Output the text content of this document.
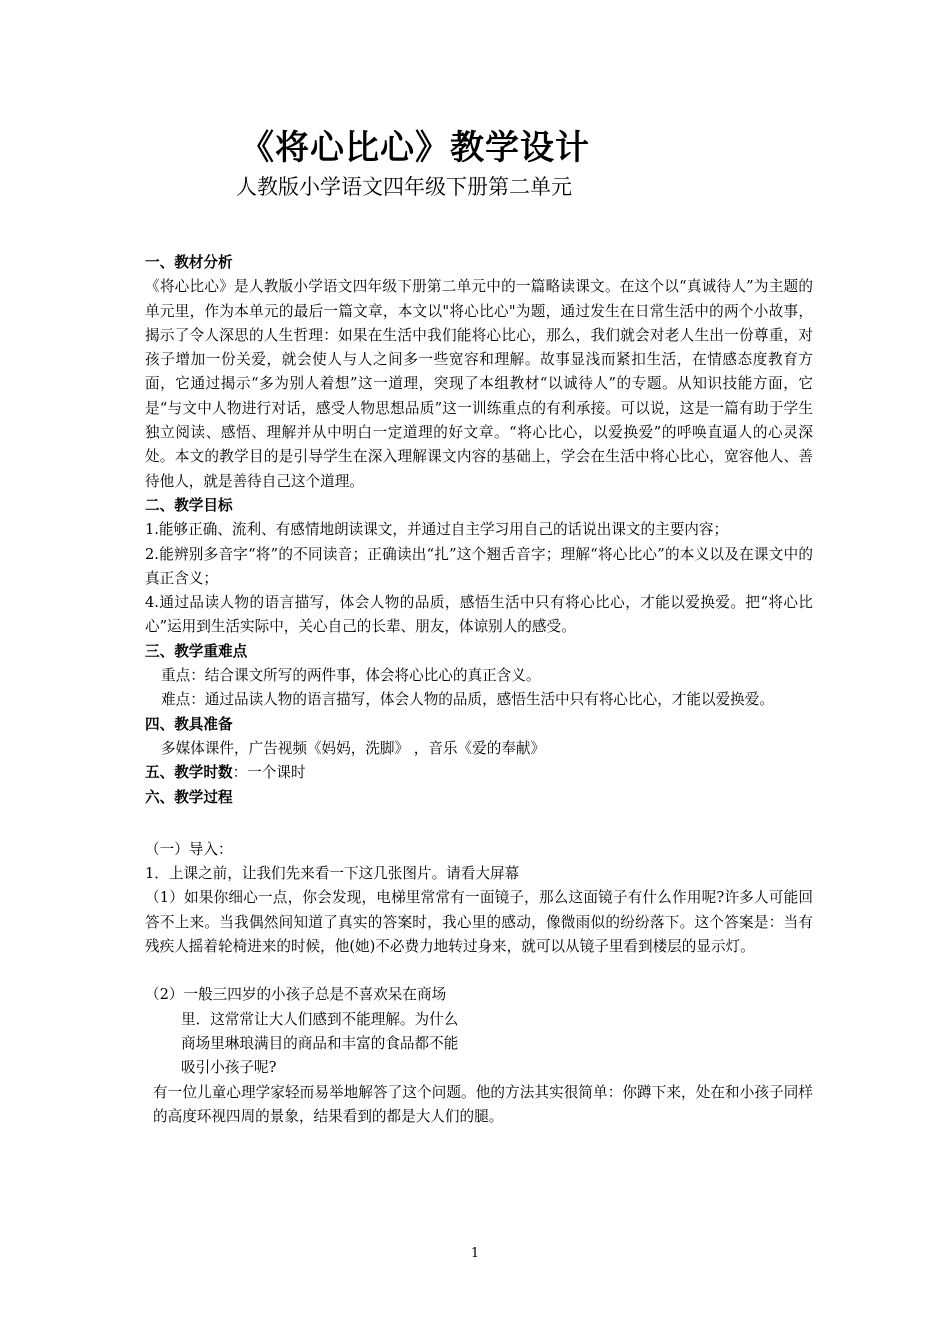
《将心比心》教学设计
人教版小学语文四年级下册第二单元
一、教材分析

《将心比心》是人教版小学语文四年级下册第二单元中的一篇略读课文。在这个以“真诚待人”为主题的单元里，作为本单元的最后一篇文章，本文以"将心比心"为题，通过发生在日常生活中的两个小故事，揭示了令人深思的人生哲理：如果在生活中我们能将心比心，那么，我们就会对老人生出一份尊重，对孩子增加一份关爱，就会使人与人之间多一些宽容和理解。故事显浅而紧扣生活，在情感态度教育方面，它通过揭示“多为别人着想”这一道理，突现了本组教材“以诚待人”的专题。从知识技能方面，它是“与文中人物进行对话，感受人物思想品质”这一训练重点的有利承接。可以说，这是一篇有助于学生独立阅读、感悟、理解并从中明白一定道理的好文章。“将心比心，以爱换爱”的呼唤直逼人的心灵深处。本文的教学目的是引导学生在深入理解课文内容的基础上，学会在生活中将心比心，宽容他人、善待他人，就是善待自己这个道理。

二、教学目标

1.能够正确、流利、有感情地朗读课文，并通过自主学习用自己的话说出课文的主要内容；

2.能辨别多音字“将”的不同读音；正确读出“扎”这个翘舌音字；理解“将心比心”的本义以及在课文中的真正含义；

4.通过品读人物的语言描写，体会人物的品质，感悟生活中只有将心比心，才能以爱换爱。把“将心比心”运用到生活实际中，关心自己的长辈、朋友，体谅别人的感受。

三、教学重难点

重点：结合课文所写的两件事，体会将心比心的真正含义。

难点：通过品读人物的语言描写，体会人物的品质，感悟生活中只有将心比心，才能以爱换爱。

四、教具准备

多媒体课件，广告视频《妈妈，洗脚》 ，音乐《爱的奉献》

五、教学时数：一个课时
六、教学过程

（一）导入：

1．上课之前，让我们先来看一下这几张图片。请看大屏幕

（1）如果你细心一点，你会发现，电梯里常常有一面镜子，那么这面镜子有什么作用呢?许多人可能回答不上来。当我偶然间知道了真实的答案时，我心里的感动，像微雨似的纷纷落下。这个答案是：当有残疾人摇着轮椅进来的时候，他(她)不必费力地转过身来，就可以从镜子里看到楼层的显示灯。

（2）一般三四岁的小孩子总是不喜欢呆在商场

里．这常常让大人们感到不能理解。为什么

商场里琳琅满目的商品和丰富的食品都不能

吸引小孩子呢?

有一位儿童心理学家轻而易举地解答了这个问题。他的方法其实很简单：你蹲下来，处在和小孩子同样的高度环视四周的景象，结果看到的都是大人们的腿。

1
